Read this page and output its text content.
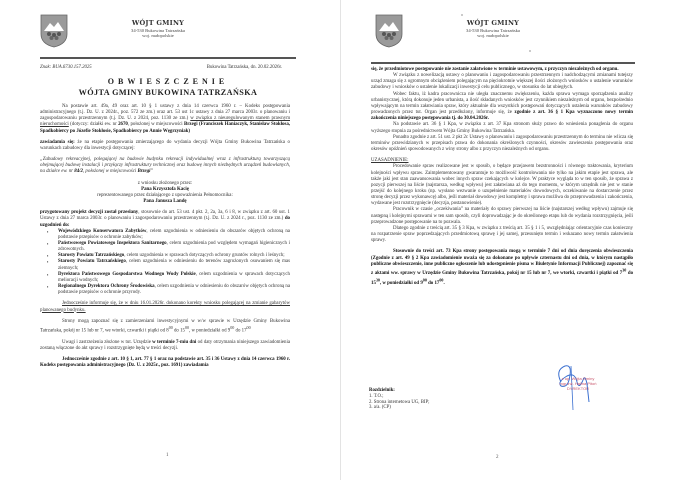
WÓJT GMINY
34-530 Bukowina Tatrzańska
woj. małopolskie
Znak: BUA.6730.157.2025	Bukowina Tatrzańska, dn. 20.02.2026r.
OBWIESZCZENIE
WÓJTA GMINY BUKOWINA TATRZAŃSKA

Na postawie art. 49a, 49 oraz art. 10 § 1 ustawy z dnia 14 czerwca 1960 r. – Kodeks postępowania administracyjnego (t.j. Dz. U. z 2024r., poz. 572 ze zm.) oraz art. 53 ust 1c ustawy z dnia 27 marca 2003r. o planowaniu i zagospodarowaniu przestrzennym (t.j. Dz. U. z 2024, poz. 1130 ze zm.) w związku z nieuregulowanym stanem prawnym nieruchomości (dotyczy: działki ew. nr 2670, położonej w miejscowości Brzegi (Franciszek Haniaczyk, Stanisław Stokłosa, Spadkobiercy po Józefie Stokłosie, Spadkobiercy po Annie Węgrzyniak)

zawiadamia się: że na etapie postępowania zmierzającego do wydania decyzji Wójta Gminy Bukowina Tatrzańska o warunkach zabudowy dla inwestycji dotyczącej:

„Zabudowy rekreacyjnej, polegającej na budowie budynku rekreacji indywidualnej wraz z infrastrukturą towarzyszącą obejmującej budowę instalacji i przyłączy infrastruktury technicznej oraz budowę innych niezbędnych urządzeń budowlanych, na działce ew. nr 84/2, położonej w miejscowości Brzegi”

z wniosku złożonego przez:

Pana Krzysztofa Kacię

reprezentowanego przez działającego z upoważnienia Pełnomocnika:

Pana Janusza Landę

przygotowany projekt decyzji został przesłany, stosownie do art. 53 ust. 4 pkt. 2, 2a, 3a, 6 i 8, w związku z art. 60 ust. 1 Ustawy z dnia 27 marca 2003r. o planowaniu i zagospodarowaniu przestrzennym (t.j. Dz. U. z 2024 r., poz. 1130 ze zm.) do uzgodnień do:

▪ Wojewódzkiego Konserwatora Zabytków, celem uzgodnienia w odniesieniu do obszarów objętych ochroną na podstawie przepisów o ochronie zabytków;
▪ Państwowego Powiatowego Inspektora Sanitarnego, celem uzgodnienia pod względem wymagań higienicznych i zdrowotnych.
▪ Starosty Powiatu Tatrzańskiego, celem uzgodnienia w sprawach dotyczących ochrony gruntów rolnych i leśnych;
▪ Starosty Powiatu Tatrzańskiego, celem uzgodnienia w odniesieniu do terenów zagrożonych osuwaniem się mas ziemnych;
▪ Dyrektora Państwowego Gospodarstwa Wodnego Wody Polskie, celem uzgodnienia w sprawach dotyczących melioracji wodnych;
▪ Regionalnego Dyrektora Ochrony Środowiska, celem uzgodnienia w odniesieniu do obszarów objętych ochroną na podstawie przepisów o ochronie przyrody.

Jednocześnie informuje się, że w dniu 16.01.2026r. dokonano korekty wniosku polegającej na zmianie gabarytów planowanego budynku.

Strony mogą zapoznać się z zamierzeniami inwestycyjnymi w w/w sprawie w Urzędzie Gminy Bukowina Tatrzańska, pokój nr 15 lub nr 7, we wtorki, czwartki i piątki od $8^{00}$ do $15^{00}$, w poniedziałki od $9^{00}$ do $17^{00}$

Uwagi i zastrzeżenia złożone w tut. Urzędzie w terminie 7-miu dni od daty otrzymania niniejszego zawiadomienia zostaną włączone do akt sprawy i rozstrzygnięte będą w treści decyzji.

Jednocześnie zgodnie z art. 10 § 1, art. 77 § 1 oraz na podstawie art. 35 i 36 Ustawy z dnia 14 czerwca 1960 r. Kodeks postępowania administracyjnego (Dz. U. z 2025r., poz. 1691) zawiadamia

1
WÓJT GMINY
34-530 Bukowina Tatrzańska
woj. małopolskie

się, że przedmiotowe postępowanie nie zostanie załatwione w terminie ustawowym, z przyczyn niezależnych od organu.

W związku z nowelizacją ustawy o planowaniu i zagospodarowaniu przestrzennym i nadchodzącymi zmianami tutejszy urząd zmaga się z ogromnym obciążeniem polegającym na pięciokrotnie większej ilości złożonych wniosków o ustalenie warunków zabudowy i wniosków o ustalenie lokalizacji inwestycji celu publicznego, w stosunku do lat ubiegłych.

Wobec faktu, iż kadra pracownicza nie uległa znacznemu zwiększeniu, każda sprawa wymaga sporządzenia analizy urbanistycznej, którą dokonuje jeden urbanista, a ilość składanych wniosków jest czynnikiem niezależnym od organu, bezpośrednio wpływającym na termin załatwiania spraw, który aktualnie dla wszystkich postępowań dotyczących ustalenia warunków zabudowy prowadzonych przez tut. Organ jest przedłużony, informuje się, że zgodnie z art. 36 § 1 Kpa wyznaczono nowy termin zakończenia niniejszego postępowania tj. do 30.04.2026r.

Na podstawie art. 36 § 1 Kpa, w związku z art. 37 Kpa stronom służy prawo do wniesienia ponaglenia do organu wyższego stopnia za pośrednictwem Wójta Gminy Bukowina Tatrzańska.

Ponadto zgodnie z art. 51 ust. 2 pkt 2c Ustawy o planowaniu i zagospodarowaniu przestrzennym do terminu nie wlicza się terminów przewidzianych w przepisach prawa do dokonania określonych czynności, okresów zawieszenia postępowania oraz okresów opóźnień spowodowanych z winy strony albo z przyczyn niezależnych od organu.

UZASADNIENIE:

Procedowanie spraw realizowane jest w sposób, o będące przejawem bezstronności i równego traktowania, kryterium kolejności wpływu spraw. Zaimplementowany gwarantuje to możliwość kontrolowania nie tylko na jakim etapie jest sprawa, ale także jaki jest stan zaawansowania wobec innych spraw czekających w kolejce. W praktyce wygląda to w ten sposób, że sprawa z pozycji pierwszej na liście (najstarsza, według wpływu) jest załatwiana aż do tego momentu, w którym urzędnik nie jest w stanie przejść do kolejnego kroku (np. wysłano wezwanie o uzupełnienie materiałów dowodowych, oczekiwanie na dostarczenie przez stronę decyzji przez wykonawcę) albo, jeśli materiał dowodowy jest kompletny i sprawa możliwa do przeprowadzenia i zakończenia, wydawane jest rozstrzygnięcie (decyzja, postanowienie).

Pracownik w czasie „oczekiwania” na materiały do sprawy pierwszej na liście (najstarszej według wpływu) zajmuje się następną i kolejnymi sprawami w ten sam sposób, czyli doprowadzając je do określonego etapu lub do wydania rozstrzygnięcia, jeśli przeprowadzone postępowanie na to pozwala.

Dlatego zgodnie z treścią art. 35 § 3 Kpa, w związku z treścią art. 35 § 1 i 5, uwzględniając orientacyjnie czas konieczny na rozpatrzenie spraw poprzedzających przedmiotową sprawę i jej samej, przesunięto termin i wskazano nowy termin załatwienia sprawy.

Stosownie do treści art. 73 Kpa strony postępowania mogą w terminie 7 dni od dnia doręczenia obwieszczenia (Zgodnie z art. 49 § 2 Kpa zawiadomienie uważa się za dokonane po upływie czternastu dni od dnia, w którym nastąpiło publiczne obwieszczenie, inne publiczne ogłoszenie lub udostępnienie pisma w Biuletynie Informacji Publicznej) zapoznać się z aktami ww. sprawy w Urzędzie Gminy Bukowina Tatrzańska, pokój nr 15 lub nr 7, we wtorki, czwartki i piątki od $7^{30}$ do $15^{30}$, w poniedziałki od $9^{00}$ do $17^{00}$.

z up. Wójta Gminy
mgr inż. Halina Pitoń
DYREKTOR
Rozdzielnik:
1. T.O.;
2. Strona internetowa UG, BIP;
3. a/a. (CP)
2
